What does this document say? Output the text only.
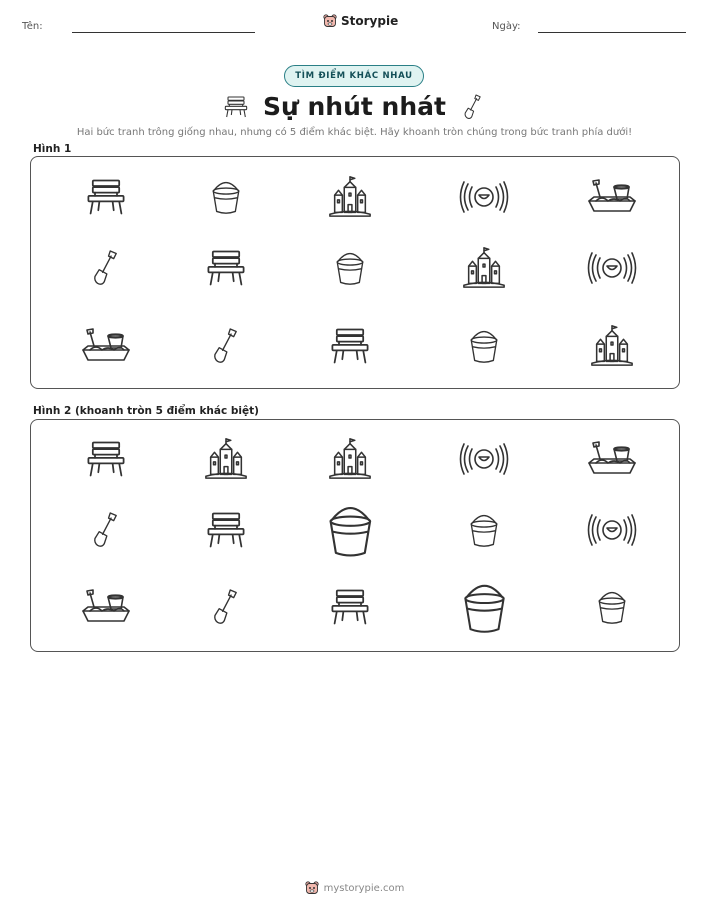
Tên:	Storypie	Ngày:
TÌM ĐIỂM KHÁC NHAU
Sự nhút nhát
Hai bức tranh trông giống nhau, nhưng có 5 điểm khác biệt. Hãy khoanh tròn chúng trong bức tranh phía dưới!
Hình 1
Hình 2 (khoanh tròn 5 điểm khác biệt)
mystorypie.com
